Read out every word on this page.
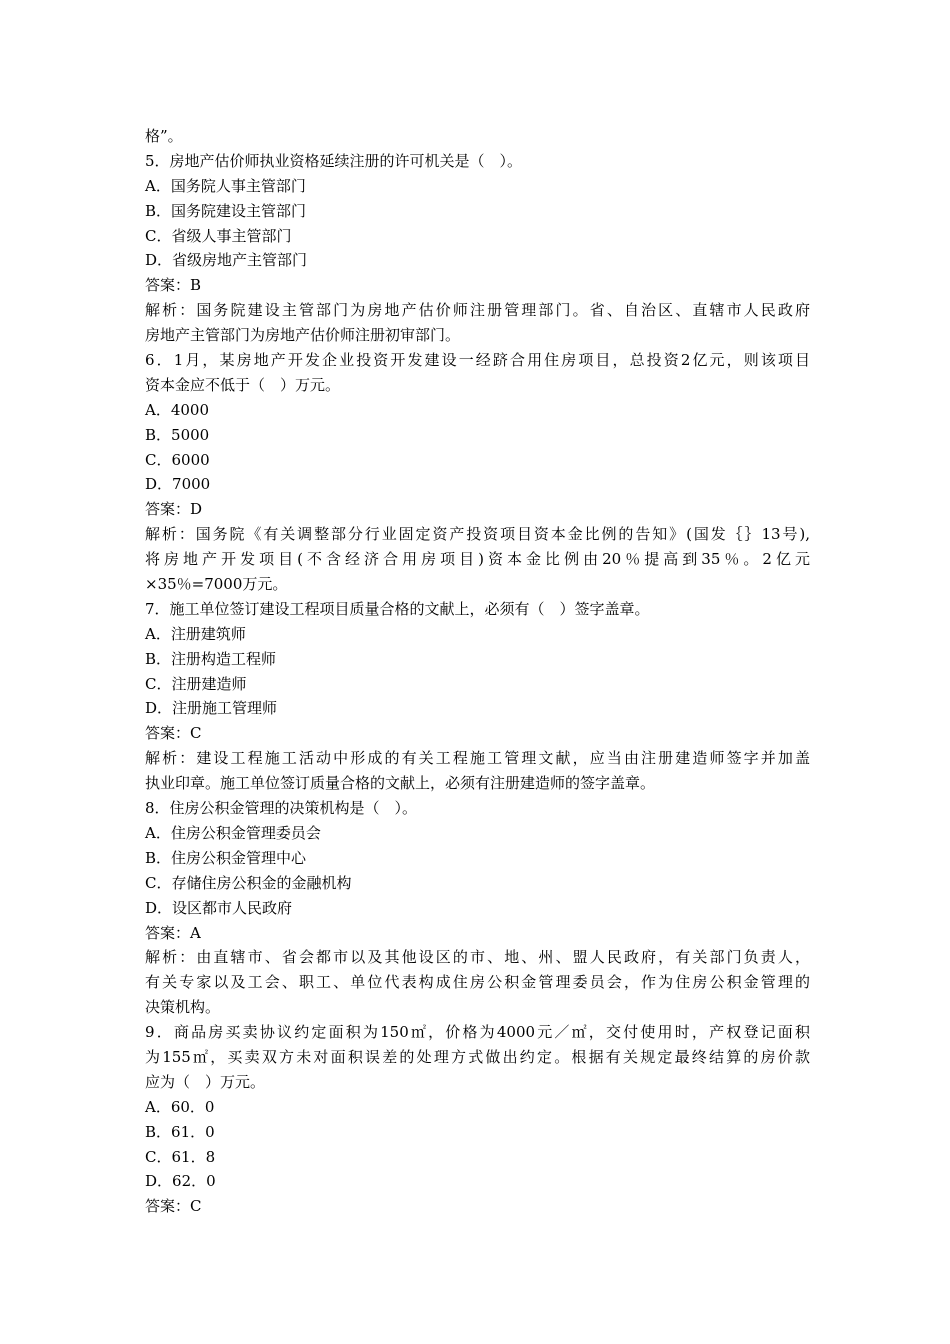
格”。
5．房地产估价师执业资格延续注册的许可机关是（　）。
A．国务院人事主管部门
B．国务院建设主管部门
C．省级人事主管部门
D．省级房地产主管部门
答案：B
解析：国务院建设主管部门为房地产估价师注册管理部门。省、自治区、直辖市人民政府
房地产主管部门为房地产估价师注册初审部门。
6．1月，某房地产开发企业投资开发建设一经跻合用住房项目，总投资2亿元，则该项目
资本金应不低于（　）万元。
A．4000
B．5000
C．6000
D．7000
答案：D
解析：国务院《有关调整部分行业固定资产投资项目资本金比例的告知》(国发｛｝13号),
将房地产开发项目(不含经济合用房项目)资本金比例由20％提高到35％。2亿元
×35％=7000万元。
7．施工单位签订建设工程项目质量合格的文献上，必须有（　）签字盖章。
A．注册建筑师
B．注册构造工程师
C．注册建造师
D．注册施工管理师
答案：C
解析：建设工程施工活动中形成的有关工程施工管理文献，应当由注册建造师签字并加盖
执业印章。施工单位签订质量合格的文献上，必须有注册建造师的签字盖章。
8．住房公积金管理的决策机构是（　）。
A．住房公积金管理委员会
B．住房公积金管理中心
C．存储住房公积金的金融机构
D．设区都市人民政府
答案：A
解析：由直辖市、省会都市以及其他设区的市、地、州、盟人民政府，有关部门负责人，
有关专家以及工会、职工、单位代表构成住房公积金管理委员会，作为住房公积金管理的
决策机构。
9．商品房买卖协议约定面积为150㎡，价格为4000元／㎡，交付使用时，产权登记面积
为155㎡，买卖双方未对面积误差的处理方式做出约定。根据有关规定最终结算的房价款
应为（　）万元。
A．60．0
B．61．0
C．61．8
D．62．0
答案：C
